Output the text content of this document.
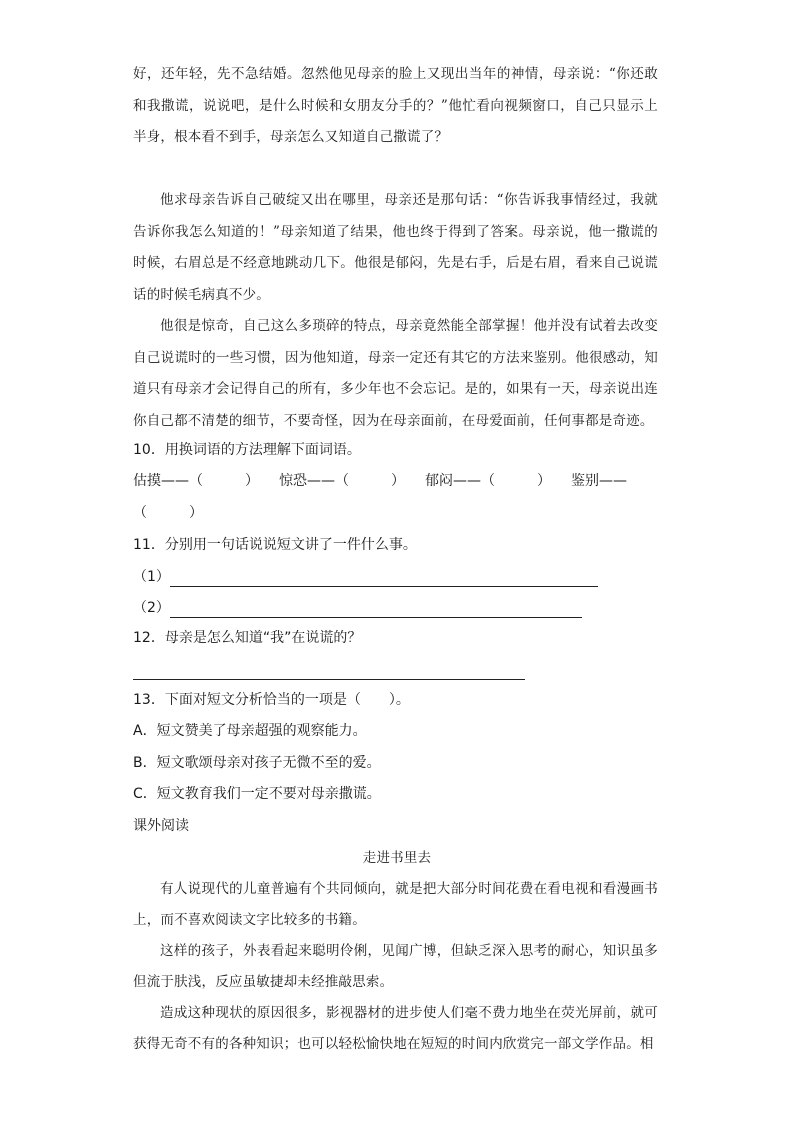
好，还年轻，先不急结婚。忽然他见母亲的脸上又现出当年的神情，母亲说：“你还敢和我撒谎，说说吧，是什么时候和女朋友分手的？”他忙看向视频窗口，自己只显示上半身，根本看不到手，母亲怎么又知道自己撒谎了？

他求母亲告诉自己破绽又出在哪里，母亲还是那句话：“你告诉我事情经过，我就告诉你我怎么知道的！”母亲知道了结果，他也终于得到了答案。母亲说，他一撒谎的时候，右眉总是不经意地跳动几下。他很是郁闷，先是右手，后是右眉，看来自己说谎话的时候毛病真不少。

他很是惊奇，自己这么多琐碎的特点，母亲竟然能全部掌握！他并没有试着去改变自己说谎时的一些习惯，因为他知道，母亲一定还有其它的方法来鉴别。他很感动，知道只有母亲才会记得自己的所有，多少年也不会忘记。是的，如果有一天，母亲说出连你自己都不清楚的细节，不要奇怪，因为在母亲面前，在母爱面前，任何事都是奇迹。

10．用换词语的方法理解下面词语。

估摸——（	） 惊恐——（	） 郁闷——（	） 鉴别——

（　　　）

11．分别用一句话说说短文讲了一件什么事。

（1）
（2）

12．母亲是怎么知道“我”在说谎的？

13．下面对短文分析恰当的一项是（　　）。

A．短文赞美了母亲超强的观察能力。

B．短文歌颂母亲对孩子无微不至的爱。

C．短文教育我们一定不要对母亲撒谎。

课外阅读

走进书里去

有人说现代的儿童普遍有个共同倾向，就是把大部分时间花费在看电视和看漫画书上，而不喜欢阅读文字比较多的书籍。

这样的孩子，外表看起来聪明伶俐，见闻广博，但缺乏深入思考的耐心，知识虽多但流于肤浅，反应虽敏捷却未经推敲思索。

造成这种现状的原因很多，影视器材的进步使人们毫不费力地坐在荧光屏前，就可获得无奇不有的各种知识；也可以轻松愉快地在短短的时间内欣赏完一部文学作品。相
